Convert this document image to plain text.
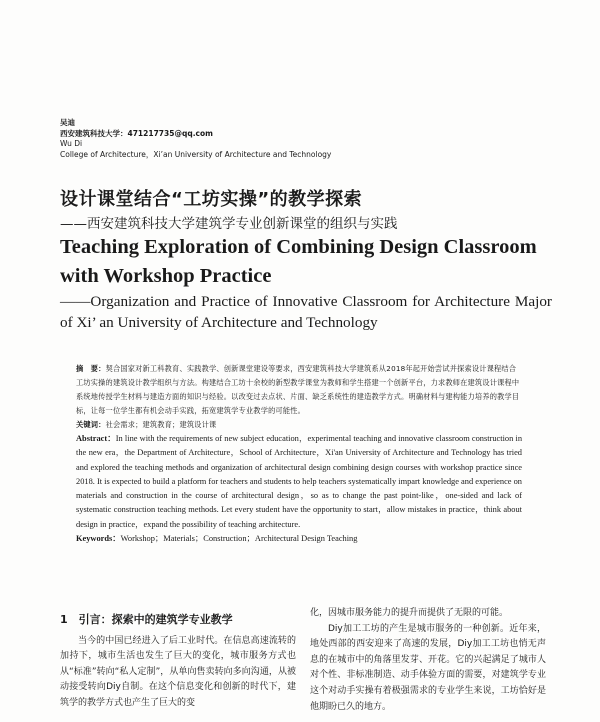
吴迪
西安建筑科技大学：471217735@qq.com
Wu Di
College of Architecture，Xi’an University of Architecture and Technology
设计课堂结合“工坊实操”的教学探索
——西安建筑科技大学建筑学专业创新课堂的组织与实践
Teaching Exploration of Combining Design Classroom with Workshop Practice
——Organization and Practice of Innovative Classroom for Architecture Major of Xi’ an University of Architecture and Technology
摘　要：契合国家对新工科教育、实践教学、创新课堂建设等要求，西安建筑科技大学建筑系从2018年起开始尝试并探索设计课程结合工坊实操的建筑设计教学组织与方法。构建结合工坊十余校的新型教学课堂为教师和学生搭建一个创新平台，力求教师在建筑设计课程中系统地传授学生材料与建造方面的知识与经验。以改变过去点状、片面、缺乏系统性的建造教学方式。明确材料与建构能力培养的教学目标，让每一位学生都有机会动手实践，拓宽建筑学专业教学的可能性。
关键词：社会需求；建筑教育；建筑设计课
Abstract：In line with the requirements of new subject education，experimental teaching and innovative classroom construction in the new era，the Department of Architecture，School of Architecture，Xi'an University of Architecture and Technology has tried and explored the teaching methods and organization of architectural design combining design courses with workshop practice since 2018. It is expected to build a platform for teachers and students to help teachers systematically impart knowledge and experience on materials and construction in the course of architectural design，so as to change the past point-like，one-sided and lack of systematic construction teaching methods. Let every student have the opportunity to start，allow mistakes in practice，think about design in practice，expand the possibility of teaching architecture.
Keywords：Workshop；Materials；Construction；Architectural Design Teaching
1　引言：探索中的建筑学专业教学

当今的中国已经进入了后工业时代。在信息高速流转的加持下，城市生活也发生了巨大的变化，城市服务方式也从“标准”转向“私人定制”，从单向售卖转向多向沟通，从被动接受转向Diy自制。在这个信息变化和创新的时代下，建筑学的教学方式也产生了巨大的变

化，因城市服务能力的提升而提供了无限的可能。

Diy加工工坊的产生是城市服务的一种创新。近年来，地处西部的西安迎来了高速的发展，Diy加工工坊也悄无声息的在城市中的角落里发芽、开花。它的兴起满足了城市人对个性、非标准制造、动手体验方面的需要，对建筑学专业这个对动手实操有着极强需求的专业学生来说，工坊恰好是他期盼已久的地方。
